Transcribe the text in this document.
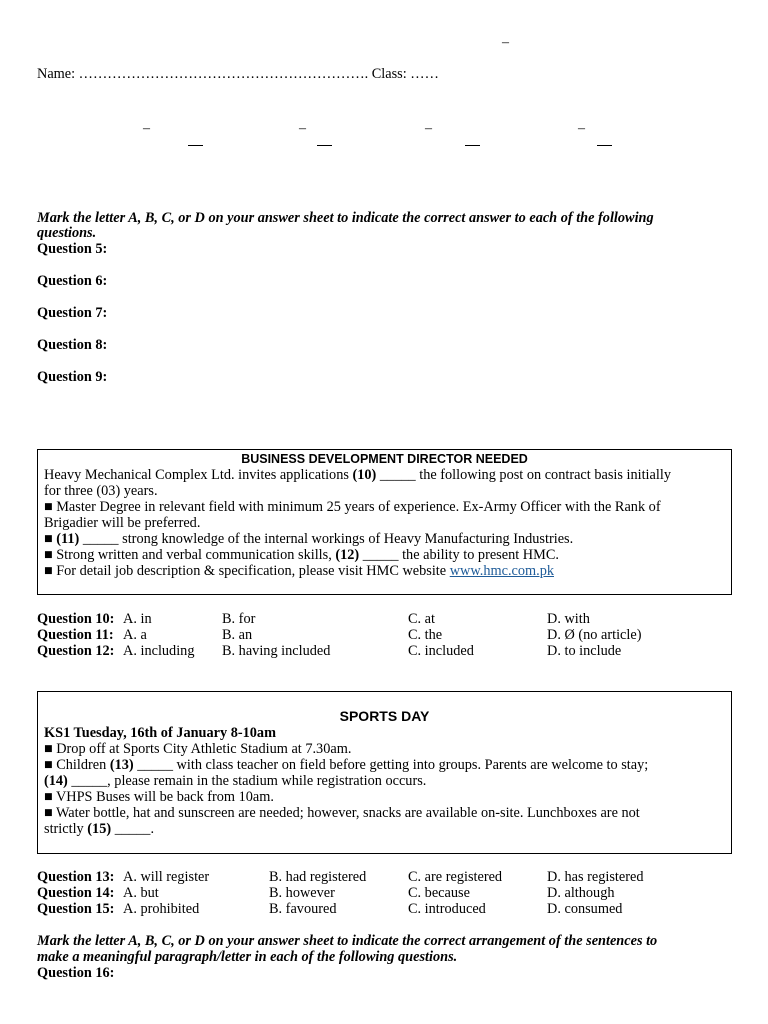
–
Name: ……………………………………………………. Class: ……
–	–	–	–
Mark the letter A, B, C, or D on your answer sheet to indicate the correct answer to each of the following
questions.
Question 5:
Question 6:
Question 7:
Question 8:
Question 9:
BUSINESS DEVELOPMENT DIRECTOR NEEDED
Heavy Mechanical Complex Ltd. invites applications (10) _____ the following post on contract basis initially
for three (03) years.
■ Master Degree in relevant field with minimum 25 years of experience. Ex-Army Officer with the Rank of
Brigadier will be preferred.
■ (11) _____ strong knowledge of the internal workings of Heavy Manufacturing Industries.
■ Strong written and verbal communication skills, (12) _____ the ability to present HMC.
■ For detail job description & specification, please visit HMC website www.hmc.com.pk
Question 10: A. in	B. for	C. at	D. with
Question 11: A. a	B. an	C. the	D. Ø (no article)
Question 12: A. including B. having included	C. included	D. to include
SPORTS DAY
KS1 Tuesday, 16th of January 8-10am
■ Drop off at Sports City Athletic Stadium at 7.30am.
■ Children (13) _____ with class teacher on field before getting into groups. Parents are welcome to stay;
(14) _____, please remain in the stadium while registration occurs.
■ VHPS Buses will be back from 10am.
■ Water bottle, hat and sunscreen are needed; however, snacks are available on-site. Lunchboxes are not
strictly (15) _____.
Question 13: A. will register	B. had registered	C. are registered	D. has registered
Question 14: A. but	B. however	C. because	D. although
Question 15: A. prohibited	B. favoured	C. introduced	D. consumed
Mark the letter A, B, C, or D on your answer sheet to indicate the correct arrangement of the sentences to
make a meaningful paragraph/letter in each of the following questions.
Question 16:
